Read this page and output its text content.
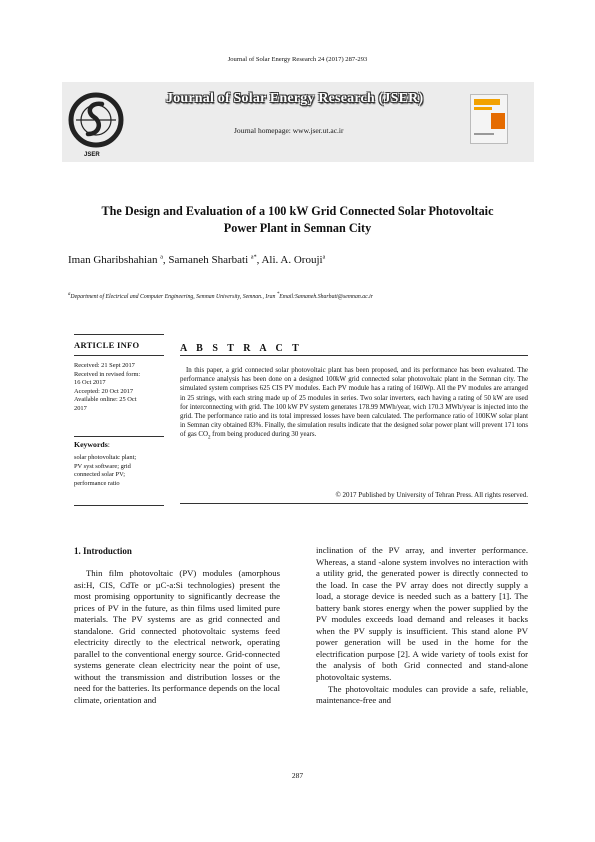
Journal of Solar Energy Research 24 (2017) 287-293
JSER
Journal of Solar Energy Research (JSER)
Journal homepage: www.jser.ut.ac.ir
The Design and Evaluation of a 100 kW Grid Connected Solar Photovoltaic
Power Plant in Semnan City
Iman Gharibshahian $^a$, Samaneh Sharbati $^{a*}$, Ali. A. Orouji$^a$
$^a$Department of Electrical and Computer Engineering, Semnan University, Semnan., Iran *Email:Samaneh.Sharbati@semnan.ac.ir
ARTICLE INFO
Received: 21 Sept 2017
Received in revised form:
16 Oct 2017
Accepted: 20 Oct 2017
Available online: 25 Oct
2017
Keywords:
solar photovoltaic plant;
PV syst software; grid
connected solar PV;
performance ratio
A B S T R A C T
In this paper, a grid connected solar photovoltaic plant has been proposed, and its performance has been evaluated. The performance analysis has been done on a designed 100kW grid connected solar photovoltaic plant in the Semnan city. The simulated system comprises 625 CIS PV modules. Each PV module has a rating of 160Wp. All the PV modules are arranged in 25 strings, with each string made up of 25 modules in series. Two solar inverters, each having a rating of 50 kW are used for interconnecting with grid. The 100 kW PV system generates 178.99 MWh/year, wich 170.3 MWh/year is injected into the grid. The performance ratio and its total impressed losses have been calculated. The performance ratio of 100KW solar plant in Semnan city obtained 83%. Finally, the simulation results indicate that the designed solar power plant will prevent 171 tons of gas $CO_2$ from being produced during 30 years.
© 2017 Published by University of Tehran Press. All rights reserved.
1. Introduction

Thin film photovoltaic (PV) modules (amorphous asi:H, CIS, CdTe or µC-a:Si technologies) present the most promising opportunity to significantly decrease the prices of PV in the future, as thin films used limited pure materials. The PV systems are as grid connected and standalone. Grid connected photovoltaic systems feed electricity directly to the electrical network, operating parallel to the conventional energy source. Grid-connected systems generate clean electricity near the point of use, without the transmission and distribution losses or the need for the batteries. Its performance depends on the local climate, orientation and

inclination of the PV array, and inverter performance. Whereas, a stand -alone system involves no interaction with a utility grid, the generated power is directly connected to the load. In case the PV array does not directly supply a load, a storage device is needed such as a battery [1]. The battery bank stores energy when the power supplied by the PV modules exceeds load demand and releases it backs when the PV supply is insufficient. This stand alone PV power generation will be used in the home for the electrification purpose [2]. A wide variety of tools exist for the analysis of both Grid connected and stand-alone photovoltaic systems.

The photovoltaic modules can provide a safe, reliable, maintenance-free and

287
